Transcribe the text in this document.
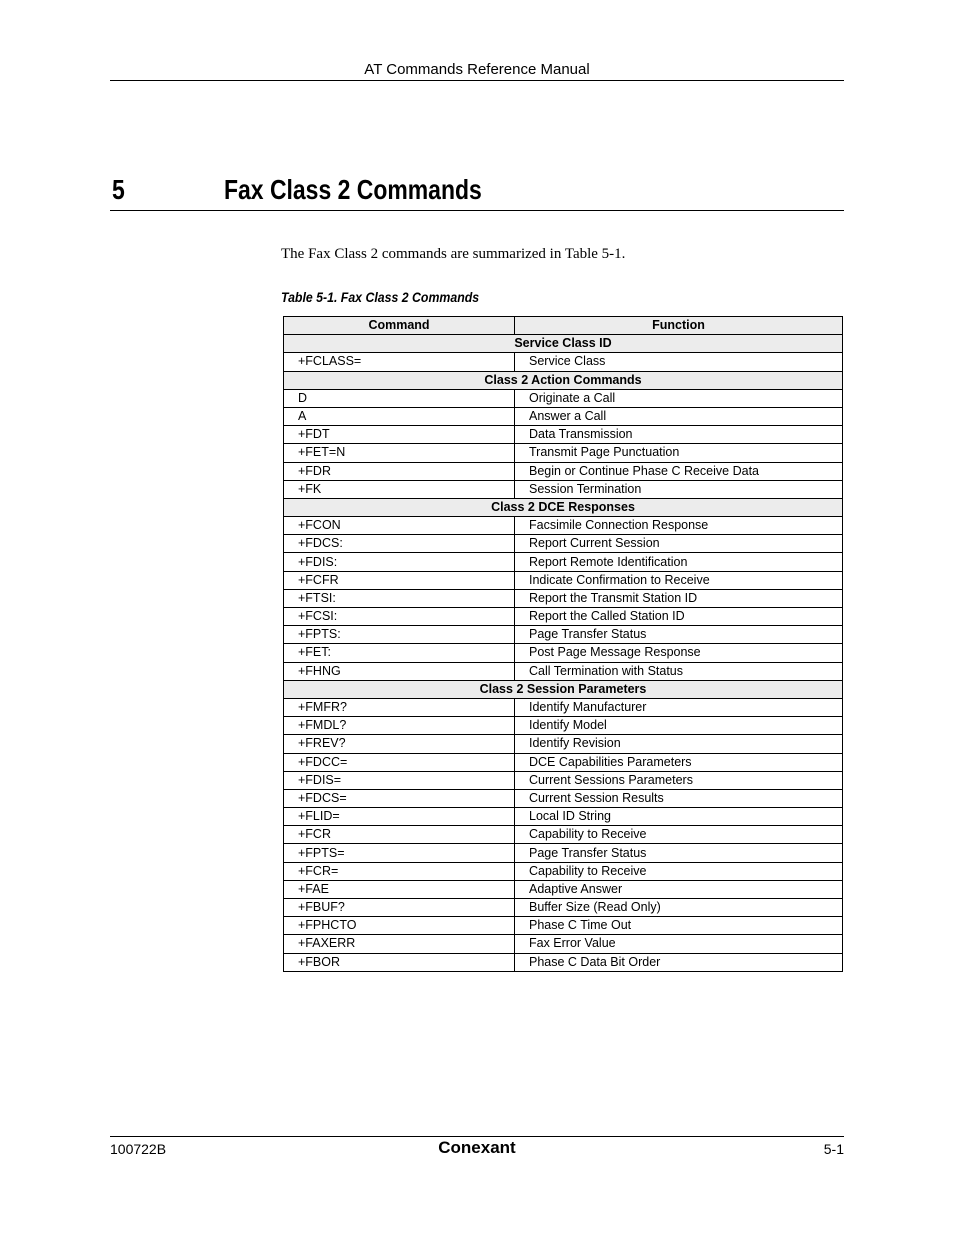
AT Commands Reference Manual
5	Fax Class 2 Commands
The Fax Class 2 commands are summarized in Table 5-1.
Table 5-1. Fax Class 2 Commands
Command	Function
Service Class ID	
+FCLASS=	Service Class
Class 2 Action Commands	
D	Originate a Call
A	Answer a Call
+FDT	Data Transmission
+FET=N	Transmit Page Punctuation
+FDR	Begin or Continue Phase C Receive Data
+FK	Session Termination
Class 2 DCE Responses	
+FCON	Facsimile Connection Response
+FDCS:	Report Current Session
+FDIS:	Report Remote Identification
+FCFR	Indicate Confirmation to Receive
+FTSI:	Report the Transmit Station ID
+FCSI:	Report the Called Station ID
+FPTS:	Page Transfer Status
+FET:	Post Page Message Response
+FHNG	Call Termination with Status
Class 2 Session Parameters	
+FMFR?	Identify Manufacturer
+FMDL?	Identify Model
+FREV?	Identify Revision
+FDCC=	DCE Capabilities Parameters
+FDIS=	Current Sessions Parameters
+FDCS=	Current Session Results
+FLID=	Local ID String
+FCR	Capability to Receive
+FPTS=	Page Transfer Status
+FCR=	Capability to Receive
+FAE	Adaptive Answer
+FBUF?	Buffer Size (Read Only)
+FPHCTO	Phase C Time Out
+FAXERR	Fax Error Value
+FBOR	Phase C Data Bit Order
100722B	Conexant	5-1
